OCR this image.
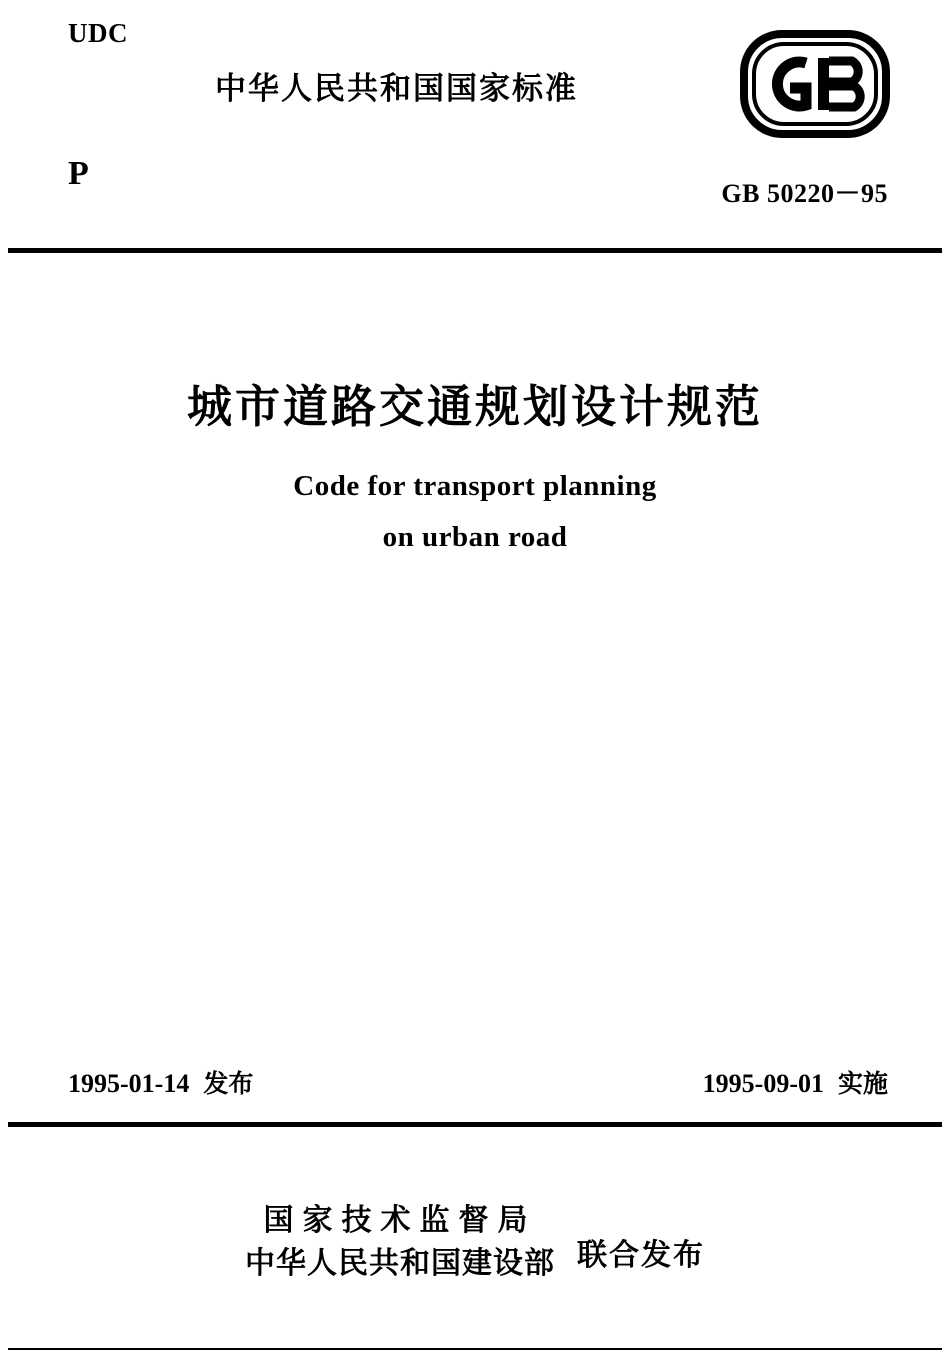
UDC
P
中华人民共和国国家标准
GB 50220－95
城市道路交通规划设计规范
Code for transport planning
on urban road
1995-01-14 发布	1995-09-01 实施
国家技术监督局
中华人民共和国建设部 联合发布
